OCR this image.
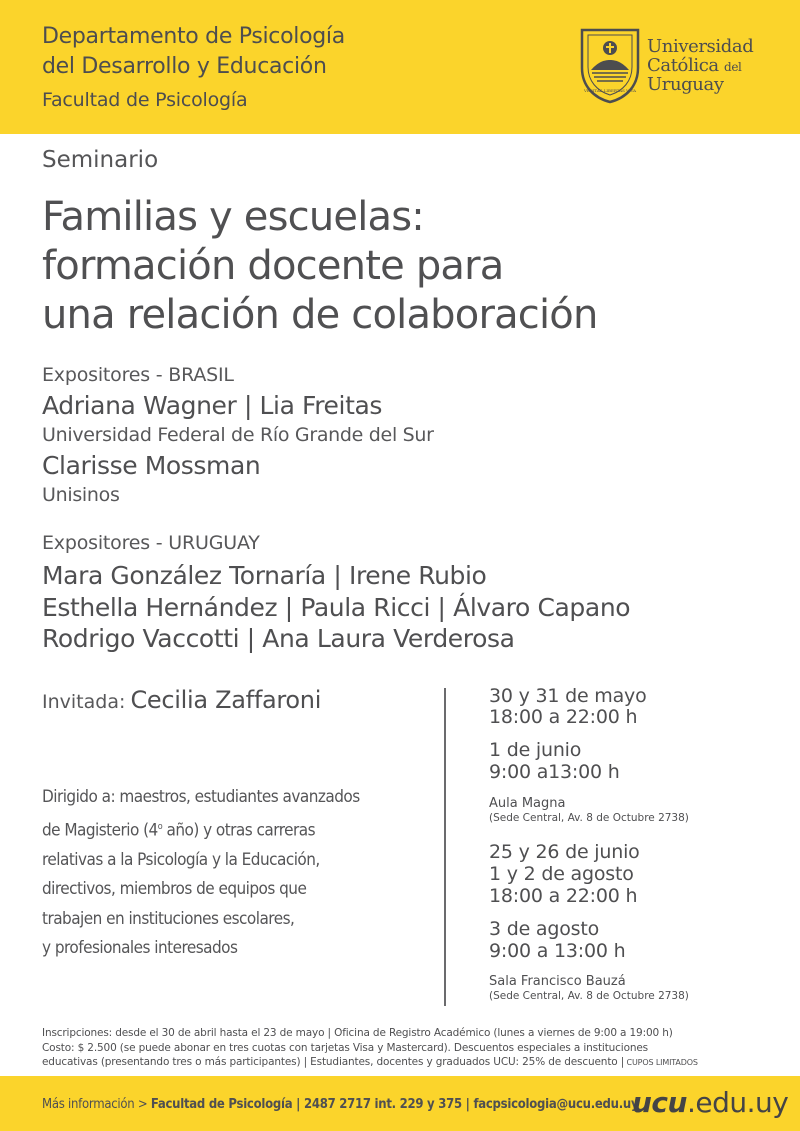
Departamento de Psicología
del Desarrollo y Educación
Facultad de Psicología	VERITAS LIBERTAS VITA
Universidad
Católica del
Uruguay
Seminario
Familias y escuelas:
formación docente para
una relación de colaboración
Expositores - BRASIL
Adriana Wagner | Lia Freitas
Universidad Federal de Río Grande del Sur
Clarisse Mossman
Unisinos
Expositores - URUGUAY
Mara González Tornaría | Irene Rubio
Esthella Hernández | Paula Ricci | Álvaro Capano
Rodrigo Vaccotti | Ana Laura Verderosa
Invitada: Cecilia Zaffaroni
Dirigido a: maestros, estudiantes avanzados
de Magisterio (4$^o$ año) y otras carreras
relativas a la Psicología y la Educación,
directivos, miembros de equipos que
trabajen en instituciones escolares,
y profesionales interesados
30 y 31 de mayo
18:00 a 22:00 h
1 de junio
9:00 a13:00 h
Aula Magna
(Sede Central, Av. 8 de Octubre 2738)
25 y 26 de junio
1 y 2 de agosto
18:00 a 22:00 h
3 de agosto
9:00 a 13:00 h
Sala Francisco Bauzá
(Sede Central, Av. 8 de Octubre 2738)

Inscripciones: desde el 30 de abril hasta el 23 de mayo | Oficina de Registro Académico (lunes a viernes de 9:00 a 19:00 h)

Costo: $ 2.500 (se puede abonar en tres cuotas con tarjetas Visa y Mastercard). Descuentos especiales a instituciones

educativas (presentando tres o más participantes) | Estudiantes, docentes y graduados UCU: 25% de descuento | CUPOS LIMITADOS

Más información > Facultad de Psicología | 2487 2717 int. 229 y 375 | facpsicologia@ucu.edu.uy
ucu.edu.uy
